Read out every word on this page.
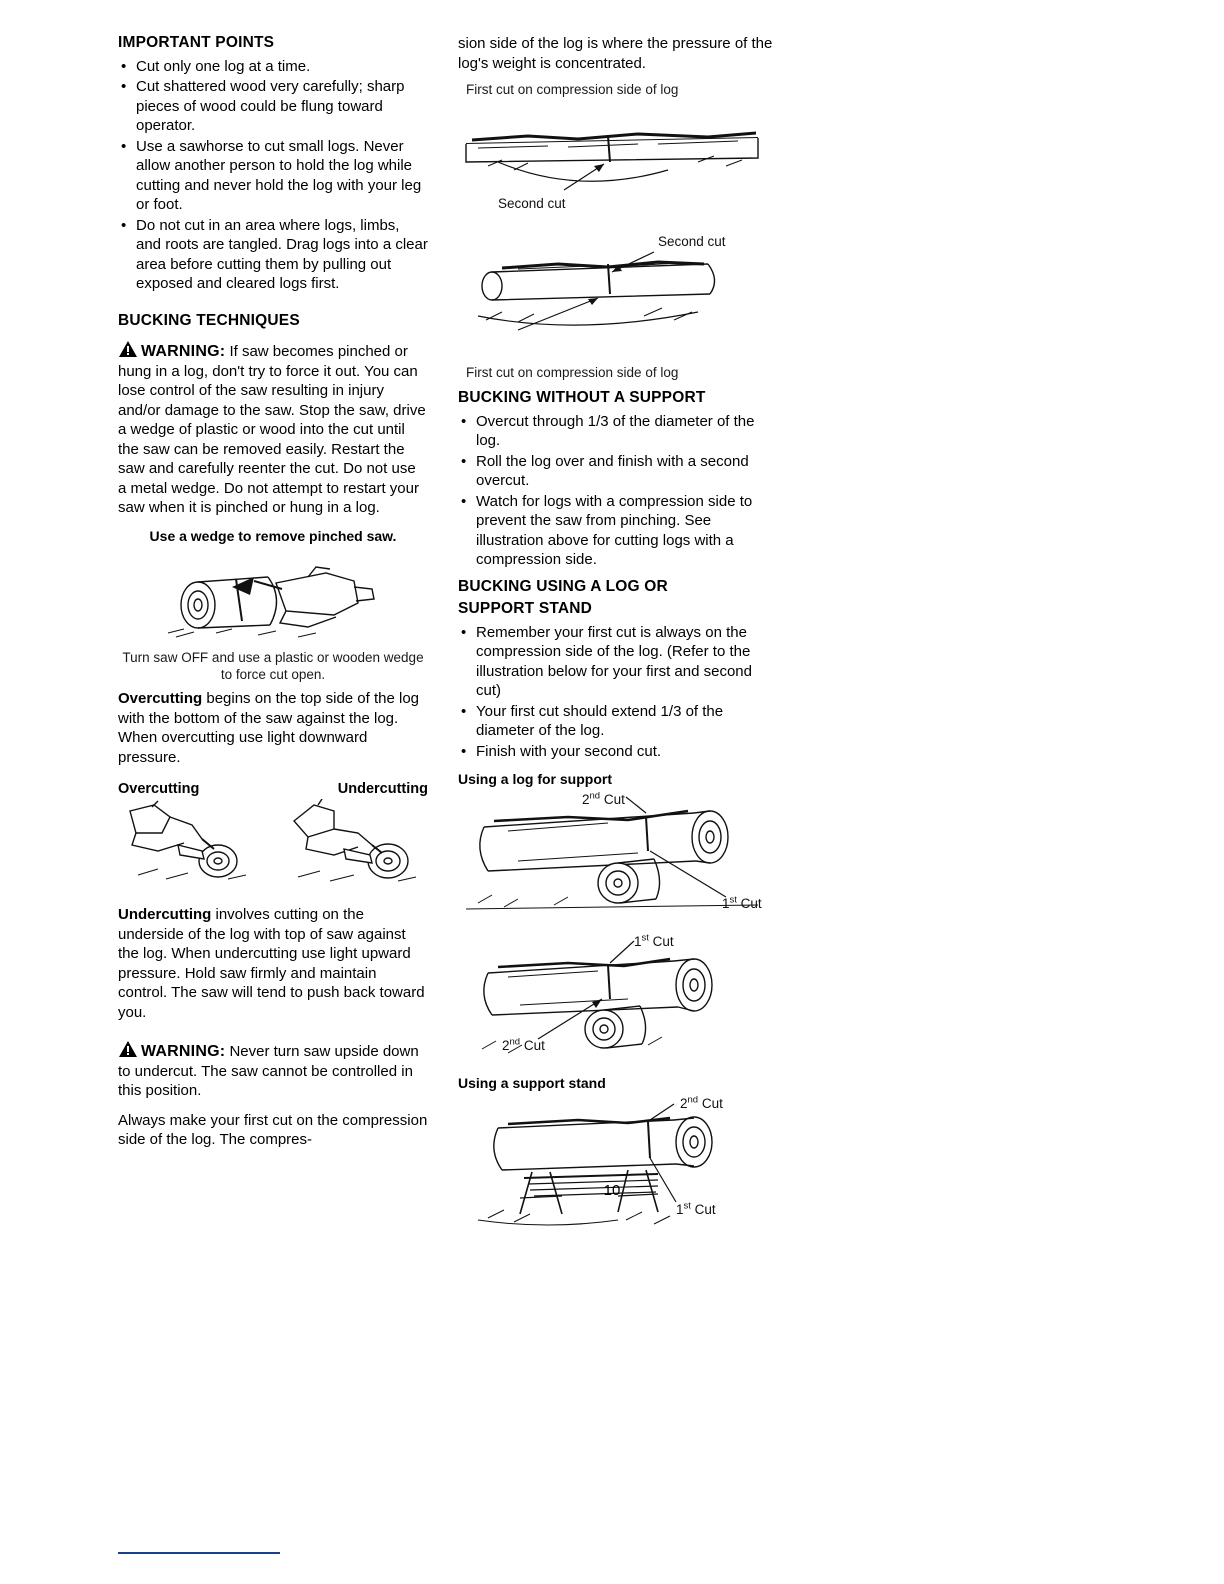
IMPORTANT POINTS
• Cut only one log at a time.
• Cut shattered wood very carefully; sharp pieces of wood could be flung toward operator.
• Use a sawhorse to cut small logs. Never allow another person to hold the log while cutting and never hold the log with your leg or foot.
• Do not cut in an area where logs, limbs, and roots are tangled. Drag logs into a clear area before cutting them by pulling out exposed and cleared logs first.
BUCKING TECHNIQUES
WARNING: If saw becomes pinched or hung in a log, don't try to force it out. You can lose control of the saw resulting in injury and/or damage to the saw. Stop the saw, drive a wedge of plastic or wood into the cut until the saw can be removed easily. Restart the saw and carefully reenter the cut. Do not use a metal wedge. Do not attempt to restart your saw when it is pinched or hung in a log.
Use a wedge to remove pinched saw.
Turn saw OFF and use a plastic or wooden wedge to force cut open.

Overcutting begins on the top side of the log with the bottom of the saw against the log. When overcutting use light downward pressure.

Overcutting	Undercutting

Undercutting involves cutting on the underside of the log with top of saw against the log. When undercutting use light upward pressure. Hold saw firmly and maintain control. The saw will tend to push back toward you.

WARNING: Never turn saw upside down to undercut. The saw cannot be controlled in this position.

Always make your first cut on the compression side of the log. The compres-

sion side of the log is where the pressure of the log's weight is concentrated.

First cut on compression side of log
Second cut
Second cut
First cut on compression side of log
BUCKING WITHOUT A SUPPORT
• Overcut through 1/3 of the diameter of the log.
• Roll the log over and finish with a second overcut.
• Watch for logs with a compression side to prevent the saw from pinching. See illustration above for cutting logs with a compression side.
BUCKING USING A LOG OR
SUPPORT STAND
• Remember your first cut is always on the compression side of the log. (Refer to the illustration below for your first and second cut)
• Your first cut should extend 1/3 of the diameter of the log.
• Finish with your second cut.
Using a log for support
2nd Cut
1st Cut
1st Cut
2nd Cut
Using a support stand
2nd Cut
1st Cut
10
